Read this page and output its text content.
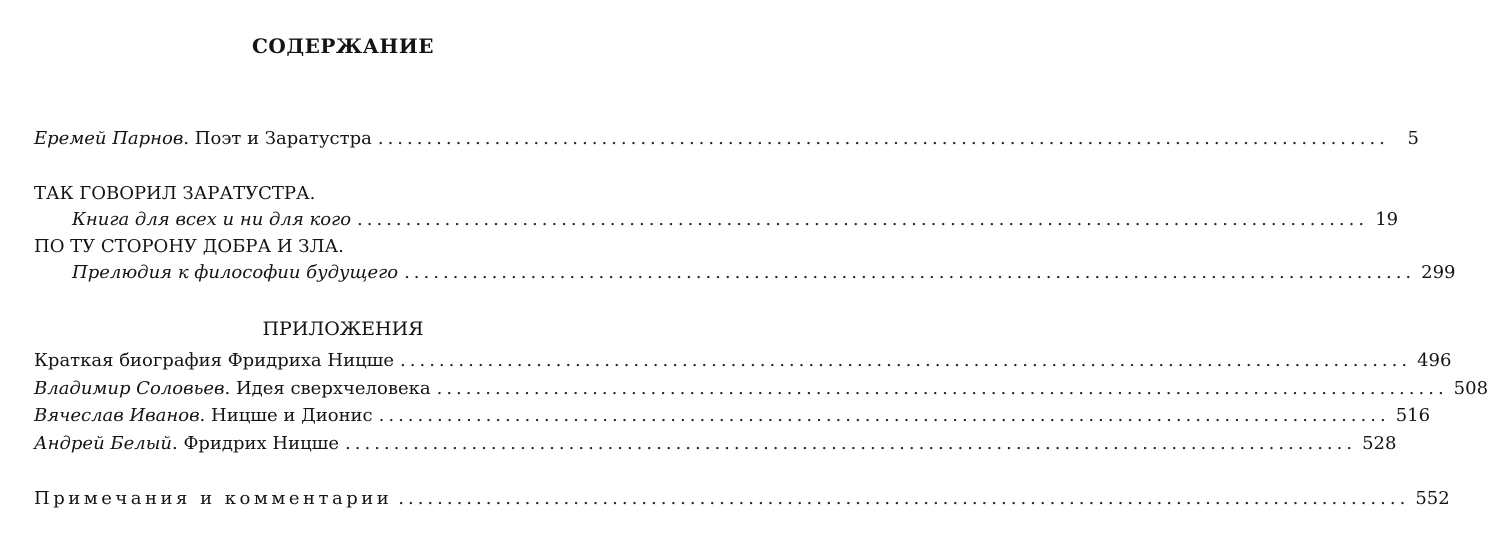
СОДЕРЖАНИЕ
Еремей Парнов. Поэт и Заратустра ........................................................................................................	5
ТАК ГОВОРИЛ ЗАРАТУСТРА.
Книга для всех и ни для кого ........................................................................................................ 19
ПО ТУ СТОРОНУ ДОБРА И ЗЛА.
Прелюдия к философии будущего ........................................................................................................ 299
ПРИЛОЖЕНИЯ
Краткая биография Фридриха Ницше ........................................................................................................ 496
Владимир Соловьев. Идея сверхчеловека ........................................................................................................ 508
Вячеслав Иванов. Ницше и Дионис ........................................................................................................ 516
Андрей Белый. Фридрих Ницше ........................................................................................................ 528
Примечания и комментарии ........................................................................................................ 552
